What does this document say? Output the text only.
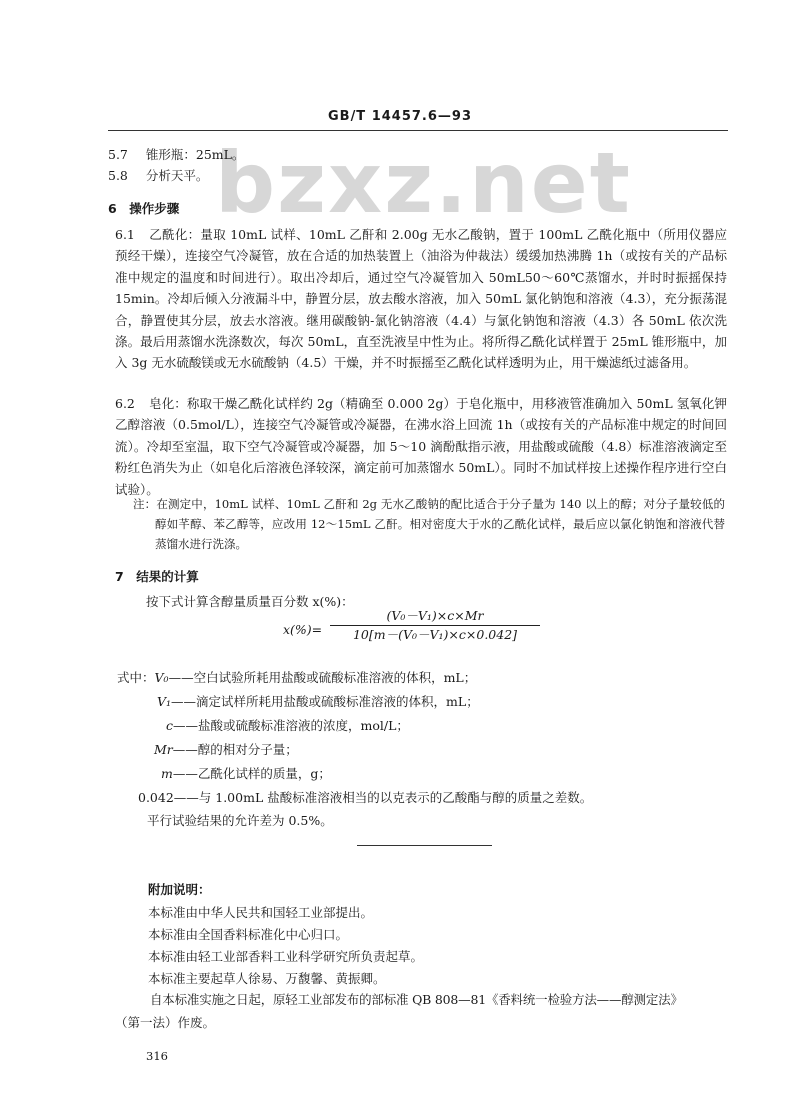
GB/T 14457.6—93
bzxz.net
5.7 锥形瓶：25mL。
5.8 分析天平。
6　操作步骤

6.1 乙酰化：量取 10mL 试样、10mL 乙酐和 2.00g 无水乙酸钠，置于 100mL 乙酰化瓶中（所用仪器应预经干燥），连接空气冷凝管，放在合适的加热装置上（油浴为仲裁法）缓缓加热沸腾 1h（或按有关的产品标准中规定的温度和时间进行）。取出冷却后，通过空气冷凝管加入 50mL50～60℃蒸馏水，并时时振摇保持 15min。冷却后倾入分液漏斗中，静置分层，放去酸水溶液，加入 50mL 氯化钠饱和溶液（4.3），充分振荡混合，静置使其分层，放去水溶液。继用碳酸钠-氯化钠溶液（4.4）与氯化钠饱和溶液（4.3）各 50mL 依次洗涤。最后用蒸馏水洗涤数次，每次 50mL，直至洗液呈中性为止。将所得乙酰化试样置于 25mL 锥形瓶中，加入 3g 无水硫酸镁或无水硫酸钠（4.5）干燥，并不时振摇至乙酰化试样透明为止，用干燥滤纸过滤备用。

6.2 皂化：称取干燥乙酰化试样约 2g（精确至 0.000 2g）于皂化瓶中，用移液管准确加入 50mL 氢氧化钾乙醇溶液（0.5mol/L），连接空气冷凝管或冷凝器，在沸水浴上回流 1h（或按有关的产品标准中规定的时间回流）。冷却至室温，取下空气冷凝管或冷凝器，加 5～10 滴酚酞指示液，用盐酸或硫酸（4.8）标准溶液滴定至粉红色消失为止（如皂化后溶液色泽较深，滴定前可加蒸馏水 50mL）。同时不加试样按上述操作程序进行空白试验）。

注：在测定中，10mL 试样、10mL 乙酐和 2g 无水乙酸钠的配比适合于分子量为 140 以上的醇；对分子量较低的醇如芊醇、苯乙醇等，应改用 12～15mL 乙酐。相对密度大于水的乙酰化试样，最后应以氯化钠饱和溶液代替蒸馏水进行洗涤。

7　结果的计算
按下式计算含醇量质量百分数 x(%)：
x(%)=
(V₀－V₁)×c×Mr
10[m－(V₀－V₁)×c×0.042]
式中：V₀——空白试验所耗用盐酸或硫酸标准溶液的体积，mL；
V₁——滴定试样所耗用盐酸或硫酸标准溶液的体积，mL；
c——盐酸或硫酸标准溶液的浓度，mol/L；
Mr——醇的相对分子量；
m——乙酰化试样的质量，g；
0.042——与 1.00mL 盐酸标准溶液相当的以克表示的乙酸酯与醇的质量之差数。
平行试验结果的允许差为 0.5%。
附加说明：
本标准由中华人民共和国轻工业部提出。
本标准由全国香料标准化中心归口。
本标准由轻工业部香料工业科学研究所负责起草。
本标准主要起草人徐易、万馥馨、黄振卿。
自本标准实施之日起，原轻工业部发布的部标准 QB 808—81《香料统一检验方法——醇测定法》
（第一法）作废。
316
